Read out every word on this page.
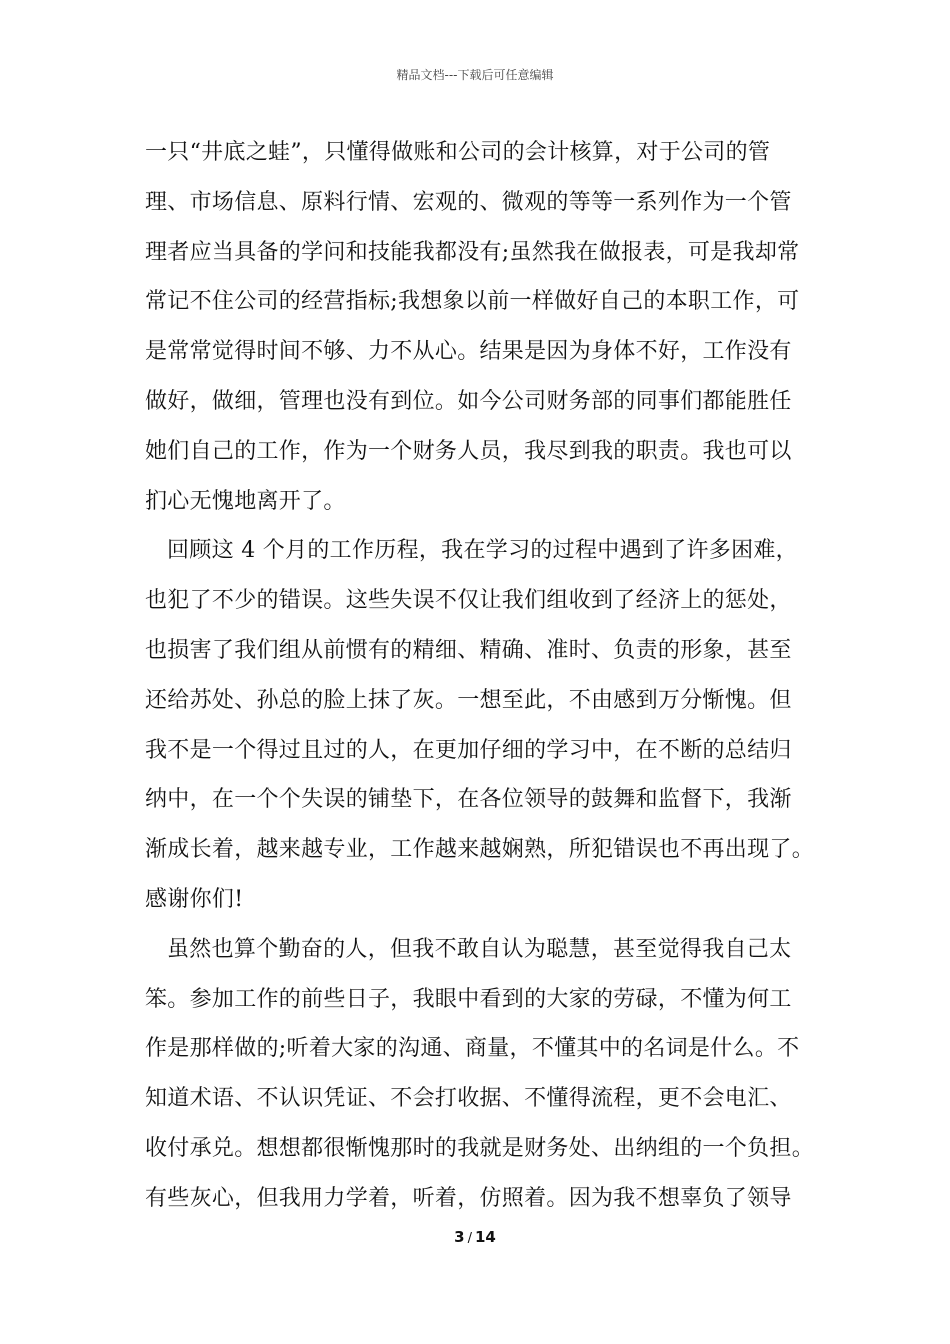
精品文档---下载后可任意编辑
一只“井底之蛙”，只懂得做账和公司的会计核算，对于公司的管
理、市场信息、原料行情、宏观的、微观的等等一系列作为一个管
理者应当具备的学问和技能我都没有;虽然我在做报表，可是我却常
常记不住公司的经营指标;我想象以前一样做好自己的本职工作，可
是常常觉得时间不够、力不从心。结果是因为身体不好，工作没有
做好，做细，管理也没有到位。如今公司财务部的同事们都能胜任
她们自己的工作，作为一个财务人员，我尽到我的职责。我也可以
扪心无愧地离开了。
回顾这 4 个月的工作历程，我在学习的过程中遇到了许多困难，
也犯了不少的错误。这些失误不仅让我们组收到了经济上的惩处，
也损害了我们组从前惯有的精细、精确、准时、负责的形象，甚至
还给苏处、孙总的脸上抹了灰。一想至此，不由感到万分惭愧。但
我不是一个得过且过的人，在更加仔细的学习中，在不断的总结归
纳中，在一个个失误的铺垫下，在各位领导的鼓舞和监督下，我渐
渐成长着，越来越专业，工作越来越娴熟，所犯错误也不再出现了。
感谢你们!
虽然也算个勤奋的人，但我不敢自认为聪慧，甚至觉得我自己太
笨。参加工作的前些日子，我眼中看到的大家的劳碌，不懂为何工
作是那样做的;听着大家的沟通、商量，不懂其中的名词是什么。不
知道术语、不认识凭证、不会打收据、不懂得流程，更不会电汇、
收付承兑。想想都很惭愧那时的我就是财务处、出纳组的一个负担。
有些灰心，但我用力学着，听着，仿照着。因为我不想辜负了领导
3 / 14
